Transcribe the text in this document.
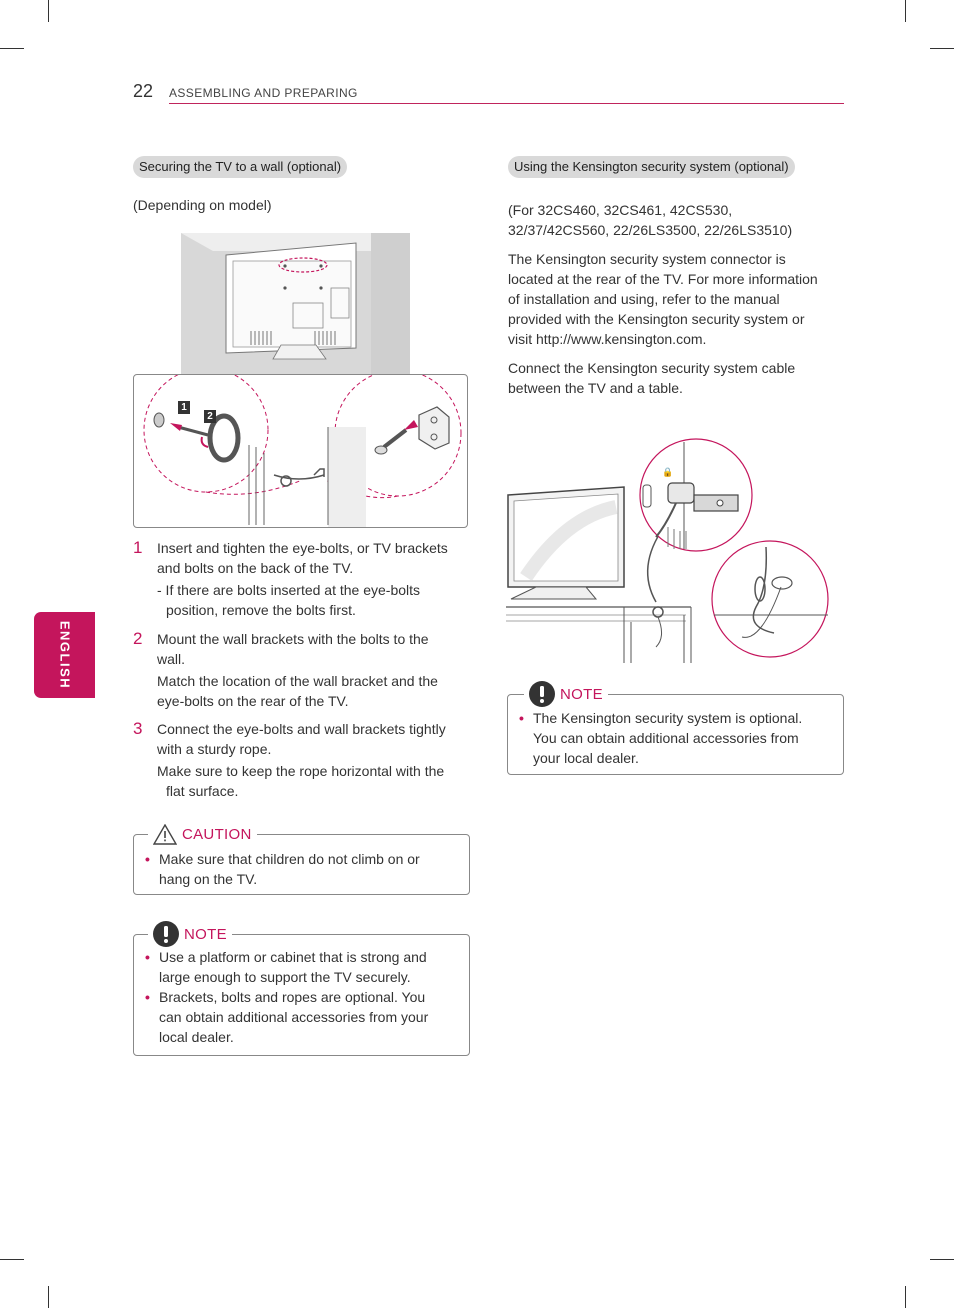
22 ASSEMBLING AND PREPARING
ENGLISH
Securing the TV to a wall (optional)
(Depending on model)
1
2
1 Insert and tighten the eye-bolts, or TV brackets
and bolts on the back of the TV.
- If there are bolts inserted at the eye-bolts
position, remove the bolts first.
2 Mount the wall brackets with the bolts to the
wall.
Match the location of the wall bracket and the
eye-bolts on the rear of the TV.
3 Connect the eye-bolts and wall brackets tightly
with a sturdy rope.
Make sure to keep the rope horizontal with the
flat surface.
CAUTION
• Make sure that children do not climb on or
hang on the TV.
NOTE
• Use a platform or cabinet that is strong and
large enough to support the TV securely.
• Brackets, bolts and ropes are optional. You
can obtain additional accessories from your
local dealer.
Using the Kensington security system (optional)
(For 32CS460, 32CS461, 42CS530,
32/37/42CS560, 22/26LS3500, 22/26LS3510)
The Kensington security system connector is
located at the rear of the TV. For more information
of installation and using, refer to the manual
provided with the Kensington security system or
visit http://www.kensington.com.
Connect the Kensington security system cable
between the TV and a table.
🔒
NOTE
• The Kensington security system is optional.
You can obtain additional accessories from
your local dealer.
